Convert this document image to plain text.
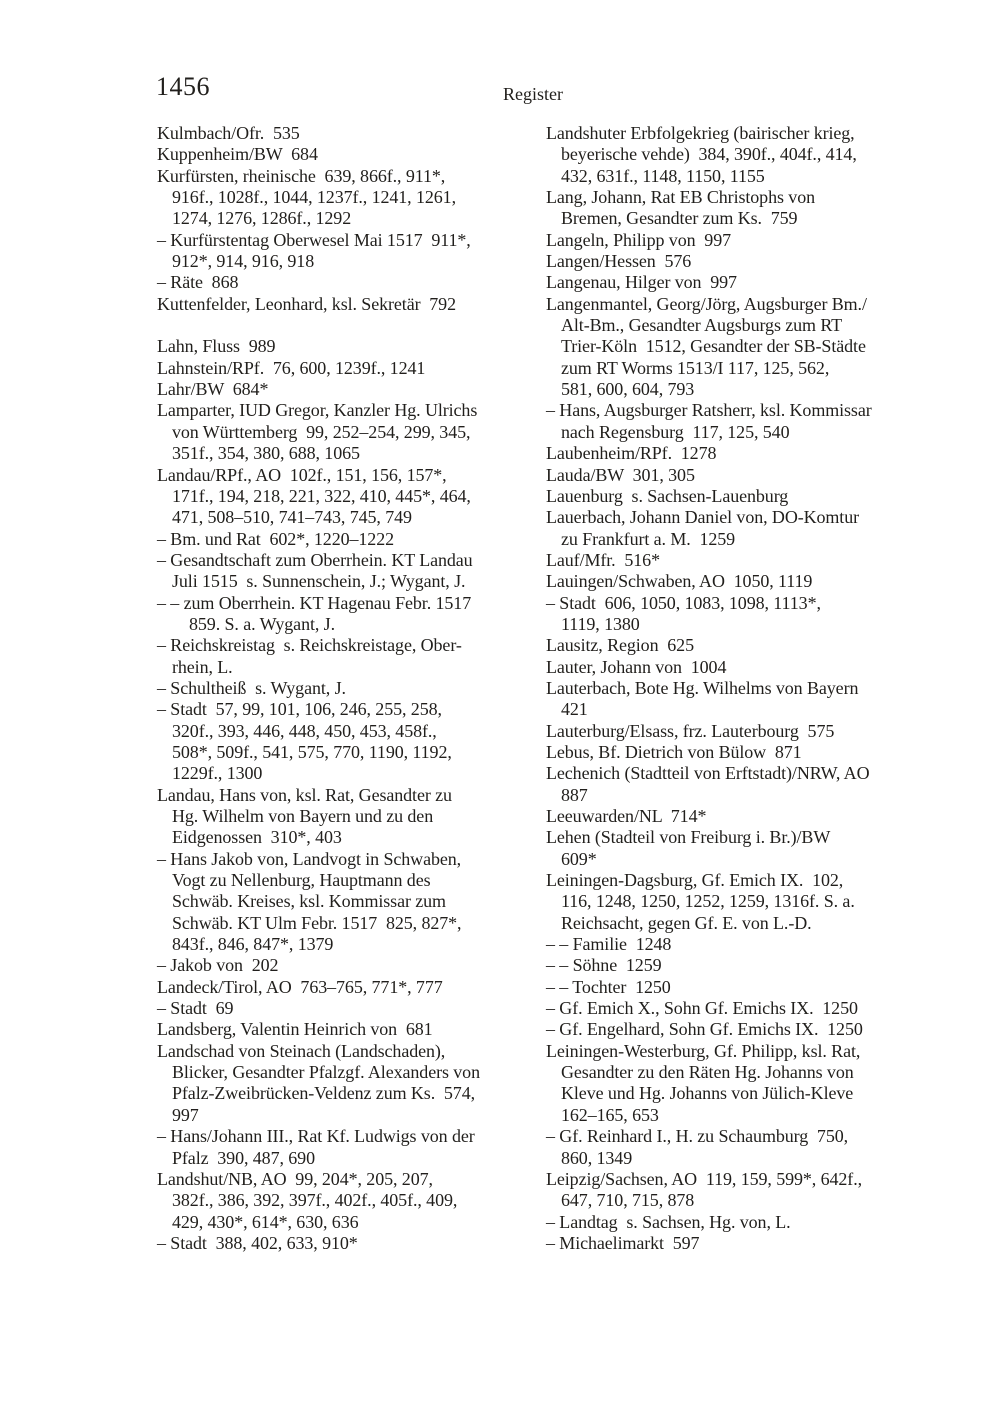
1456	Register
Kulmbach/Ofr.  535
Kuppenheim/BW  684
Kurfürsten, rheinische  639, 866f., 911*,
916f., 1028f., 1044, 1237f., 1241, 1261,
1274, 1276, 1286f., 1292
– Kurfürstentag Oberwesel Mai 1517  911*,
912*, 914, 916, 918
– Räte  868
Kuttenfelder, Leonhard, ksl. Sekretär  792
Lahn, Fluss  989
Lahnstein/RPf.  76, 600, 1239f., 1241
Lahr/BW  684*
Lamparter, IUD Gregor, Kanzler Hg. Ulrichs
von Württemberg  99, 252–254, 299, 345,
351f., 354, 380, 688, 1065
Landau/RPf., AO  102f., 151, 156, 157*,
171f., 194, 218, 221, 322, 410, 445*, 464,
471, 508–510, 741–743, 745, 749
– Bm. und Rat  602*, 1220–1222
– Gesandtschaft zum Oberrhein. KT Landau
Juli 1515  s. Sunnenschein, J.; Wygant, J.
– – zum Oberrhein. KT Hagenau Febr. 1517
859. S. a. Wygant, J.
– Reichskreistag  s. Reichskreistage, Ober-
rhein, L.
– Schultheiß  s. Wygant, J.
– Stadt  57, 99, 101, 106, 246, 255, 258,
320f., 393, 446, 448, 450, 453, 458f.,
508*, 509f., 541, 575, 770, 1190, 1192,
1229f., 1300
Landau, Hans von, ksl. Rat, Gesandter zu
Hg. Wilhelm von Bayern und zu den
Eidgenossen  310*, 403
– Hans Jakob von, Landvogt in Schwaben,
Vogt zu Nellenburg, Hauptmann des
Schwäb. Kreises, ksl. Kommissar zum
Schwäb. KT Ulm Febr. 1517  825, 827*,
843f., 846, 847*, 1379
– Jakob von  202
Landeck/Tirol, AO  763–765, 771*, 777
– Stadt  69
Landsberg, Valentin Heinrich von  681
Landschad von Steinach (Landschaden),
Blicker, Gesandter Pfalzgf. Alexanders von
Pfalz-Zweibrücken-Veldenz zum Ks.  574,
997
– Hans/Johann III., Rat Kf. Ludwigs von der
Pfalz  390, 487, 690
Landshut/NB, AO  99, 204*, 205, 207,
382f., 386, 392, 397f., 402f., 405f., 409,
429, 430*, 614*, 630, 636
– Stadt  388, 402, 633, 910*
Landshuter Erbfolgekrieg (bairischer krieg,
beyerische vehde)  384, 390f., 404f., 414,
432, 631f., 1148, 1150, 1155
Lang, Johann, Rat EB Christophs von
Bremen, Gesandter zum Ks.  759
Langeln, Philipp von  997
Langen/Hessen  576
Langenau, Hilger von  997
Langenmantel, Georg/Jörg, Augsburger Bm./
Alt-Bm., Gesandter Augsburgs zum RT
Trier-Köln  1512, Gesandter der SB-Städte
zum RT Worms 1513/I 117, 125, 562,
581, 600, 604, 793
– Hans, Augsburger Ratsherr, ksl. Kommissar
nach Regensburg  117, 125, 540
Laubenheim/RPf.  1278
Lauda/BW  301, 305
Lauenburg  s. Sachsen-Lauenburg
Lauerbach, Johann Daniel von, DO-Komtur
zu Frankfurt a. M.  1259
Lauf/Mfr.  516*
Lauingen/Schwaben, AO  1050, 1119
– Stadt  606, 1050, 1083, 1098, 1113*,
1119, 1380
Lausitz, Region  625
Lauter, Johann von  1004
Lauterbach, Bote Hg. Wilhelms von Bayern
421
Lauterburg/Elsass, frz. Lauterbourg  575
Lebus, Bf. Dietrich von Bülow  871
Lechenich (Stadtteil von Erftstadt)/NRW, AO
887
Leeuwarden/NL  714*
Lehen (Stadteil von Freiburg i. Br.)/BW
609*
Leiningen-Dagsburg, Gf. Emich IX.  102,
116, 1248, 1250, 1252, 1259, 1316f. S. a.
Reichsacht, gegen Gf. E. von L.-D.
– – Familie  1248
– – Söhne  1259
– – Tochter  1250
– Gf. Emich X., Sohn Gf. Emichs IX.  1250
– Gf. Engelhard, Sohn Gf. Emichs IX.  1250
Leiningen-Westerburg, Gf. Philipp, ksl. Rat,
Gesandter zu den Räten Hg. Johanns von
Kleve und Hg. Johanns von Jülich-Kleve
162–165, 653
– Gf. Reinhard I., H. zu Schaumburg  750,
860, 1349
Leipzig/Sachsen, AO  119, 159, 599*, 642f.,
647, 710, 715, 878
– Landtag  s. Sachsen, Hg. von, L.
– Michaelimarkt  597
